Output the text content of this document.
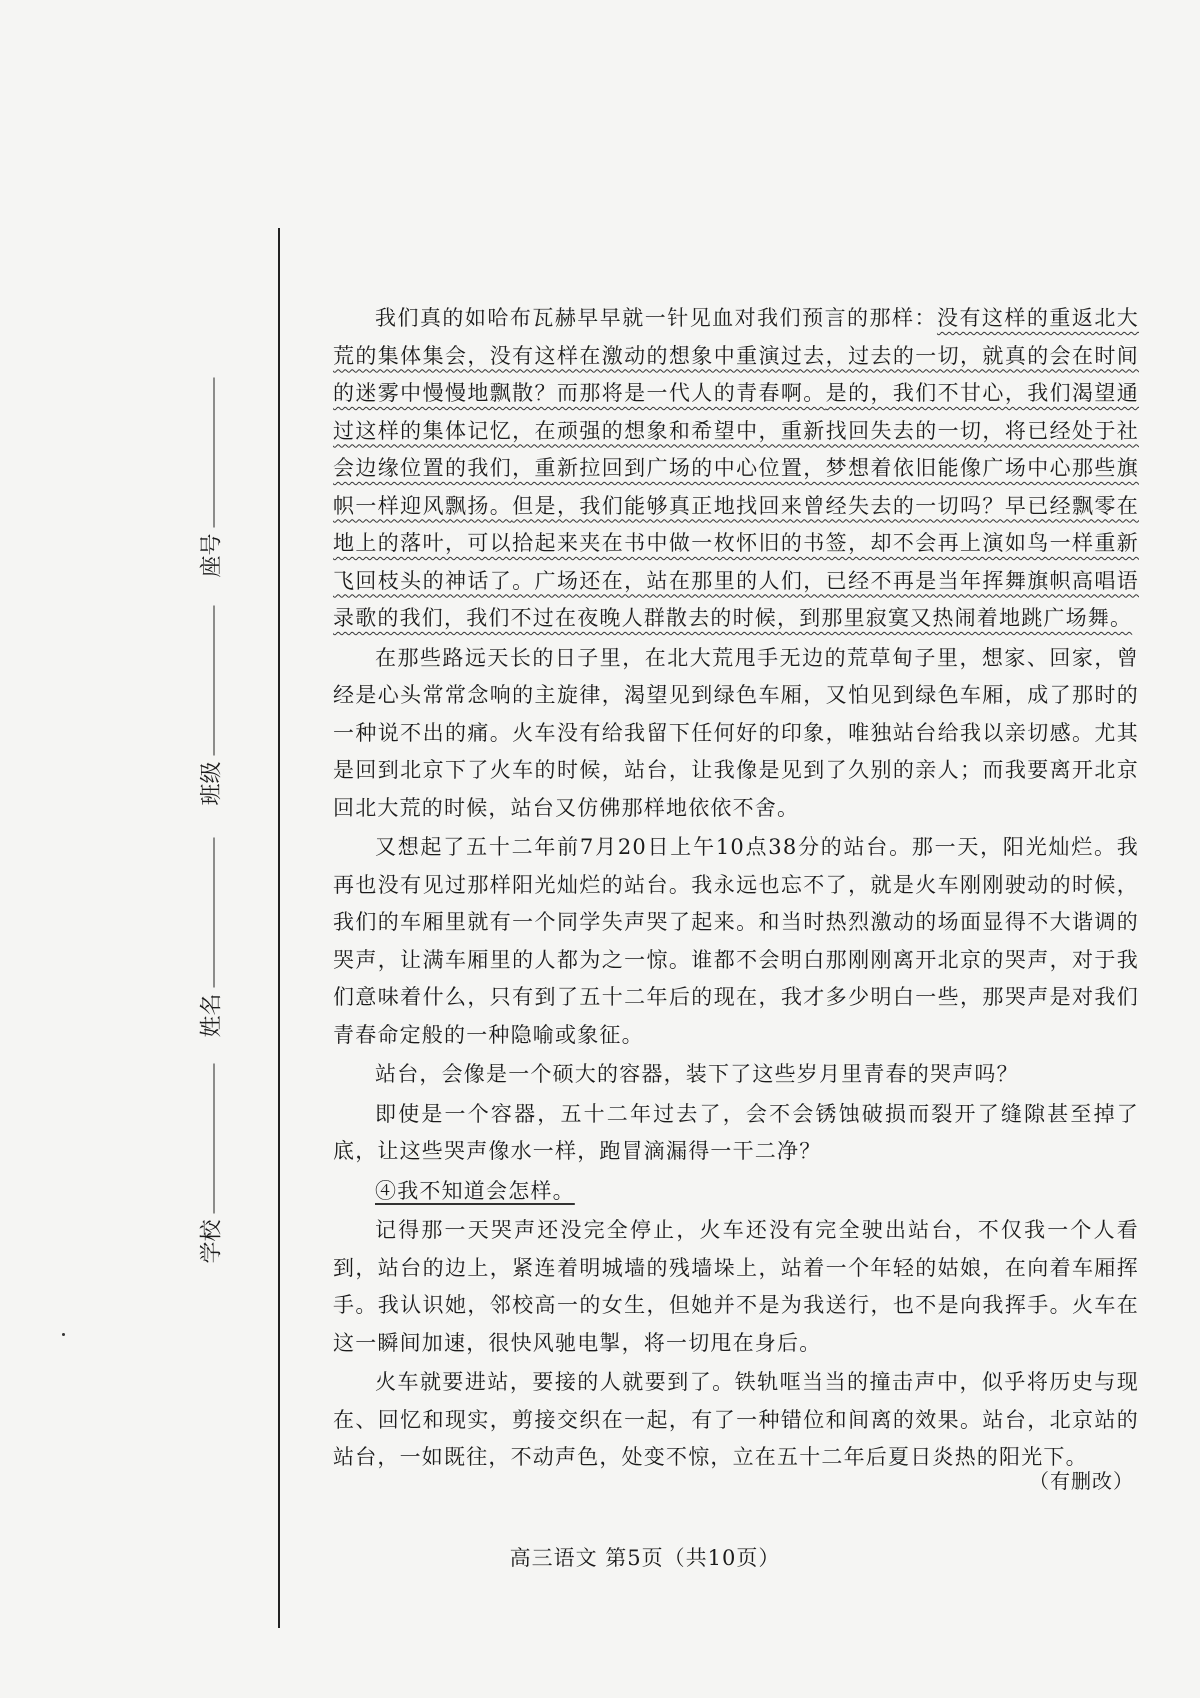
座号
班级
姓名
学校

我们真的如哈布瓦赫早早就一针见血对我们预言的那样：没有这样的重返北大荒的集体集会，没有这样在激动的想象中重演过去，过去的一切，就真的会在时间的迷雾中慢慢地飘散？而那将是一代人的青春啊。是的，我们不甘心，我们渴望通过这样的集体记忆，在顽强的想象和希望中，重新找回失去的一切，将已经处于社会边缘位置的我们，重新拉回到广场的中心位置，梦想着依旧能像广场中心那些旗帜一样迎风飘扬。但是，我们能够真正地找回来曾经失去的一切吗？早已经飘零在地上的落叶，可以拾起来夹在书中做一枚怀旧的书签，却不会再上演如鸟一样重新飞回枝头的神话了。广场还在，站在那里的人们，已经不再是当年挥舞旗帜高唱语录歌的我们，我们不过在夜晚人群散去的时候，到那里寂寞又热闹着地跳广场舞。

在那些路远天长的日子里，在北大荒甩手无边的荒草甸子里，想家、回家，曾经是心头常常念响的主旋律，渴望见到绿色车厢，又怕见到绿色车厢，成了那时的一种说不出的痛。火车没有给我留下任何好的印象，唯独站台给我以亲切感。尤其是回到北京下了火车的时候，站台，让我像是见到了久别的亲人；而我要离开北京回北大荒的时候，站台又仿佛那样地依依不舍。

又想起了五十二年前7月20日上午10点38分的站台。那一天，阳光灿烂。我再也没有见过那样阳光灿烂的站台。我永远也忘不了，就是火车刚刚驶动的时候，我们的车厢里就有一个同学失声哭了起来。和当时热烈激动的场面显得不大谐调的哭声，让满车厢里的人都为之一惊。谁都不会明白那刚刚离开北京的哭声，对于我们意味着什么，只有到了五十二年后的现在，我才多少明白一些，那哭声是对我们青春命定般的一种隐喻或象征。

站台，会像是一个硕大的容器，装下了这些岁月里青春的哭声吗？

即使是一个容器，五十二年过去了，会不会锈蚀破损而裂开了缝隙甚至掉了底，让这些哭声像水一样，跑冒滴漏得一干二净？

④我不知道会怎样。

记得那一天哭声还没完全停止，火车还没有完全驶出站台，不仅我一个人看到，站台的边上，紧连着明城墙的残墙垛上，站着一个年轻的姑娘，在向着车厢挥手。我认识她，邻校高一的女生，但她并不是为我送行，也不是向我挥手。火车在这一瞬间加速，很快风驰电掣，将一切甩在身后。

火车就要进站，要接的人就要到了。铁轨哐当当的撞击声中，似乎将历史与现在、回忆和现实，剪接交织在一起，有了一种错位和间离的效果。站台，北京站的站台，一如既往，不动声色，处变不惊，立在五十二年后夏日炎热的阳光下。

（有删改）
高三语文 第5页（共10页）
